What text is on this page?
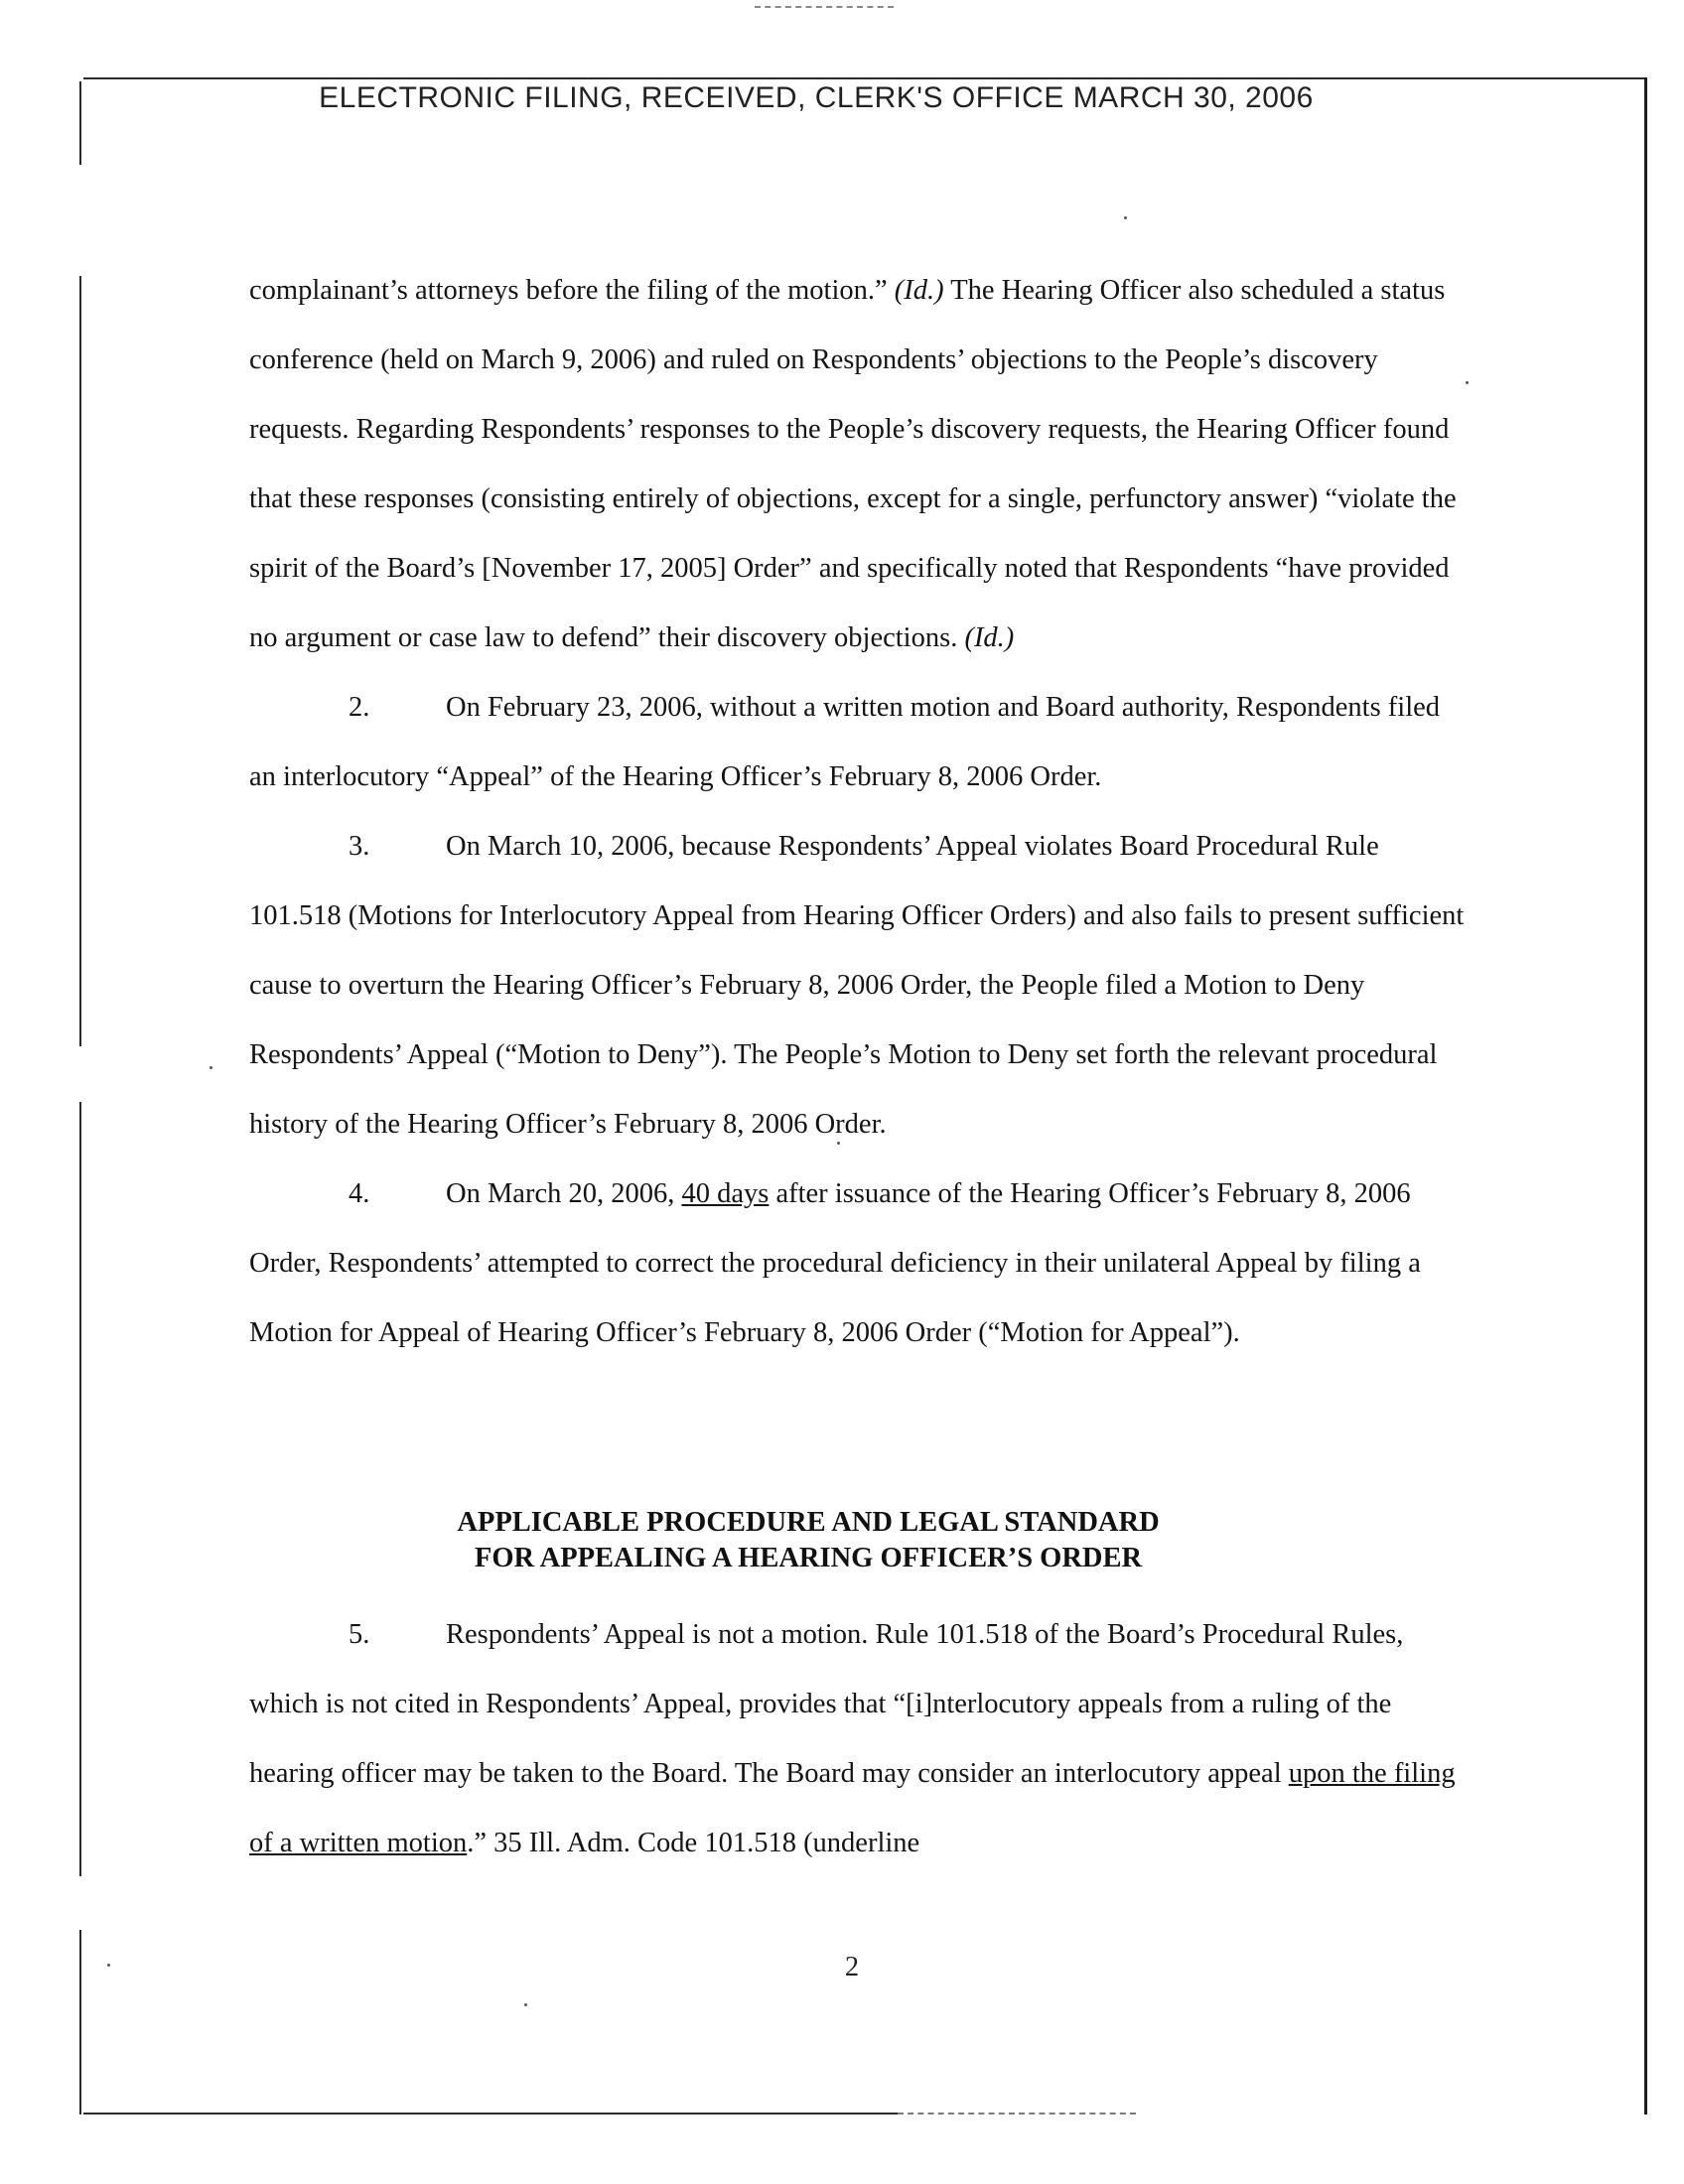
ELECTRONIC FILING, RECEIVED, CLERK'S OFFICE MARCH 30, 2006

complainant’s attorneys before the filing of the motion.” (Id.) The Hearing Officer also scheduled a status conference (held on March 9, 2006) and ruled on Respondents’ objections to the People’s discovery requests. Regarding Respondents’ responses to the People’s discovery requests, the Hearing Officer found that these responses (consisting entirely of objections, except for a single, perfunctory answer) “violate the spirit of the Board’s [November 17, 2005] Order” and specifically noted that Respondents “have provided no argument or case law to defend” their discovery objections. (Id.)

2.	On February 23, 2006, without a written motion and Board authority, Respondents filed an interlocutory “Appeal” of the Hearing Officer’s February 8, 2006 Order.

3.	On March 10, 2006, because Respondents’ Appeal violates Board Procedural Rule 101.518 (Motions for Interlocutory Appeal from Hearing Officer Orders) and also fails to present sufficient cause to overturn the Hearing Officer’s February 8, 2006 Order, the People filed a Motion to Deny Respondents’ Appeal (“Motion to Deny”). The People’s Motion to Deny set forth the relevant procedural history of the Hearing Officer’s February 8, 2006 Order.

4.	On March 20, 2006, 40 days after issuance of the Hearing Officer’s February 8, 2006 Order, Respondents’ attempted to correct the procedural deficiency in their unilateral Appeal by filing a Motion for Appeal of Hearing Officer’s February 8, 2006 Order (“Motion for Appeal”).

APPLICABLE PROCEDURE AND LEGAL STANDARD
FOR APPEALING A HEARING OFFICER’S ORDER

5.	Respondents’ Appeal is not a motion. Rule 101.518 of the Board’s Procedural Rules, which is not cited in Respondents’ Appeal, provides that “[i]nterlocutory appeals from a ruling of the hearing officer may be taken to the Board. The Board may consider an interlocutory appeal upon the filing of a written motion.” 35 Ill. Adm. Code 101.518 (underline

2
